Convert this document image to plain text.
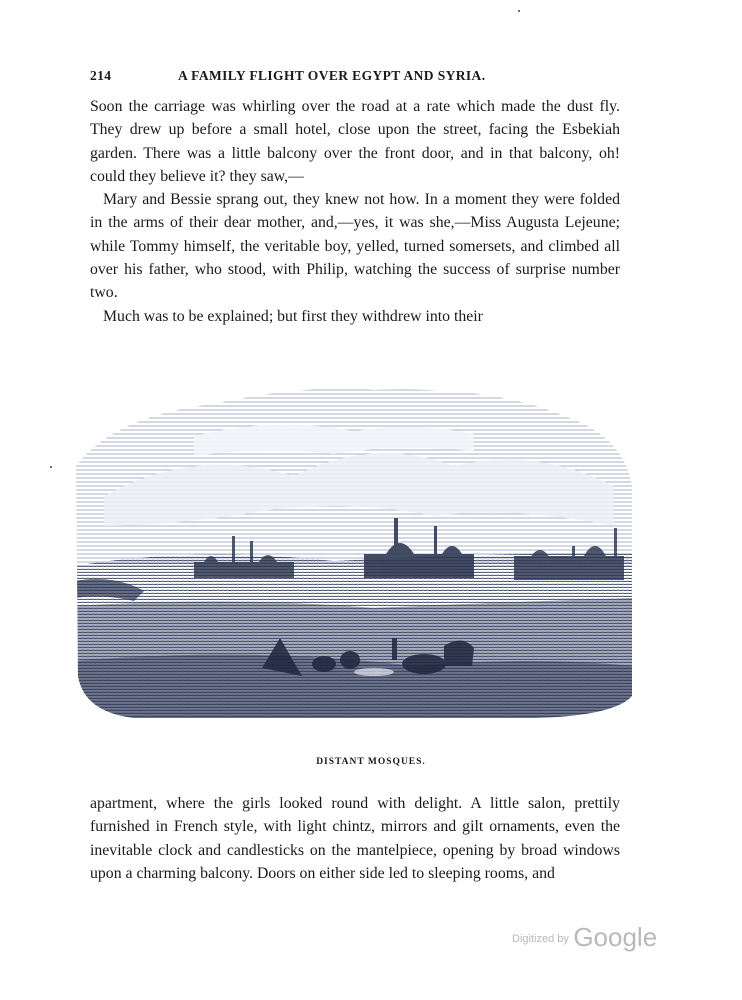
214	A FAMILY FLIGHT OVER EGYPT AND SYRIA.

Soon the carriage was whirling over the road at a rate which made the dust fly. They drew up before a small hotel, close upon the street, facing the Esbekiah garden. There was a little balcony over the front door, and in that balcony, oh! could they believe it? they saw,—

Mary and Bessie sprang out, they knew not how. In a moment they were folded in the arms of their dear mother, and,—yes, it was she,—Miss Augusta Lejeune; while Tommy himself, the veritable boy, yelled, turned somersets, and climbed all over his father, who stood, with Philip, watching the success of surprise number two.

Much was to be explained; but first they withdrew into their

DISTANT MOSQUES.

apartment, where the girls looked round with delight. A little salon, prettily furnished in French style, with light chintz, mirrors and gilt ornaments, even the inevitable clock and candlesticks on the mantelpiece, opening by broad windows upon a charming balcony. Doors on either side led to sleeping rooms, and

$^{Digitized by}$ Google
